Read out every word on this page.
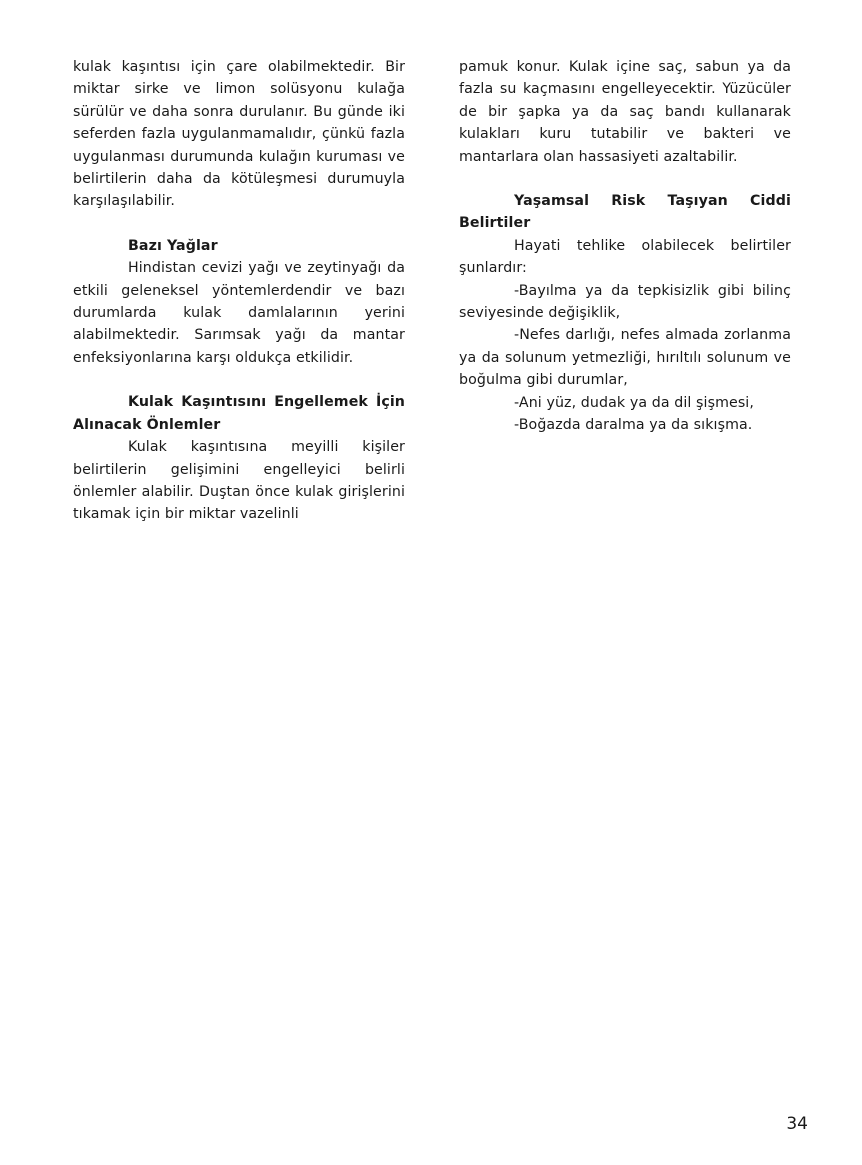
kulak kaşıntısı için çare olabilmektedir. Bir miktar sirke ve limon solüsyonu kulağa sürülür ve daha sonra durulanır. Bu günde iki seferden fazla uygulanmamalıdır, çünkü fazla uygulanması durumunda kulağın kuruması ve belirtilerin daha da kötüleşmesi durumuyla karşılaşılabilir.

Bazı Yağlar

Hindistan cevizi yağı ve zeytinyağı da etkili geleneksel yöntemlerdendir ve bazı durumlarda kulak damlalarının yerini alabilmektedir. Sarımsak yağı da mantar enfeksiyonlarına karşı oldukça etkilidir.

Kulak Kaşıntısını Engellemek İçin Alınacak Önlemler

Kulak kaşıntısına meyilli kişiler belirtilerin gelişimini engelleyici belirli önlemler alabilir. Duştan önce kulak girişlerini tıkamak için bir miktar vazelinli

pamuk konur. Kulak içine saç, sabun ya da fazla su kaçmasını engelleyecektir. Yüzücüler de bir şapka ya da saç bandı kullanarak kulakları kuru tutabilir ve bakteri ve mantarlara olan hassasiyeti azaltabilir.

Yaşamsal Risk Taşıyan Ciddi Belirtiler

Hayati tehlike olabilecek belirtiler şunlardır:

-Bayılma ya da tepkisizlik gibi bilinç seviyesinde değişiklik,

-Nefes darlığı, nefes almada zorlanma ya da solunum yetmezliği, hırıltılı solunum ve boğulma gibi durumlar,

-Ani yüz, dudak ya da dil şişmesi,

-Boğazda daralma ya da sıkışma.

34
